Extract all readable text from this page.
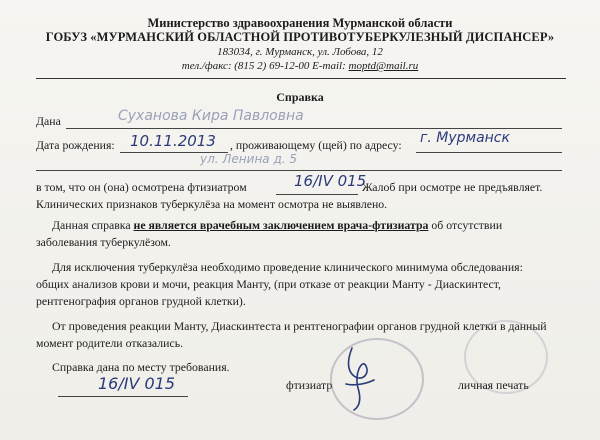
Министерство здравоохранения Мурманской области
ГОБУЗ «МУРМАНСКИЙ ОБЛАСТНОЙ ПРОТИВОТУБЕРКУЛЕЗНЫЙ ДИСПАНСЕР»
183034, г. Мурманск, ул. Лобова, 12
тел./факс: (815 2) 69-12-00 E-mail: moptd@mail.ru
Справка
Дана	Суханова Кира Павловна
Дата рождения: 10.11.2013 , проживающему (щей) по адресу: г. Мурманск
ул. Ленина д. 5
в том, что он (она) осмотрена фтизиатром	16/IV 015
Жалоб при осмотре не предъявляет.
Клинических признаков туберкулёза на момент осмотра не выявлено.
Данная справка не является врачебным заключением врача-фтизиатра об отсутствии
заболевания туберкулёзом.
Для исключения туберкулёза необходимо проведение клинического минимума обследования:
общих анализов крови и мочи, реакция Манту, (при отказе от реакции Манту - Диаскинтест,
рентгенография органов грудной клетки).
От проведения реакции Манту, Диаскинтеста и рентгенографии органов грудной клетки в данный
момент родители отказались.
Справка дана по месту требования.
16/IV 015	фтизиатр	личная печать
